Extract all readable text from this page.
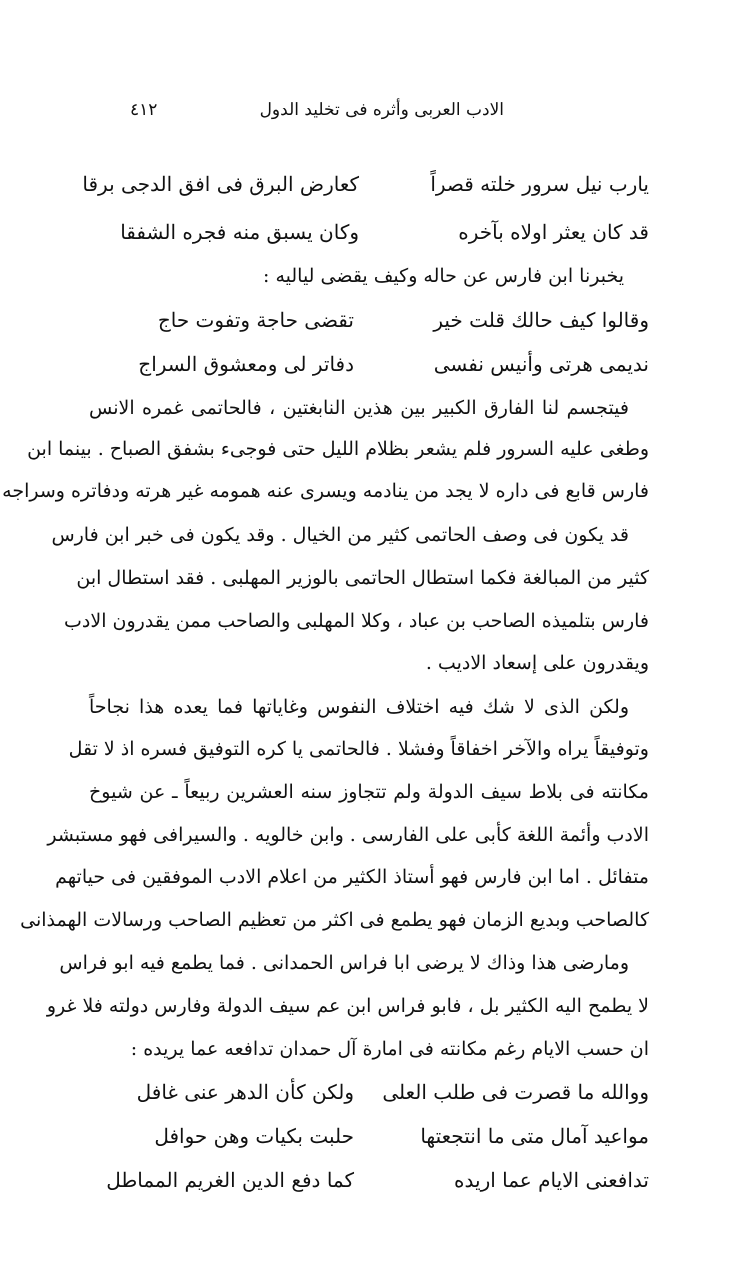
الادب العربى وأثره فى تخليد الدول
٤١٢
يارب نيل سرور خلته قصراً
كعارض البرق فى افق الدجى برقا
قد كان يعثر اولاه بآخره
وكان يسبق منه فجره الشفقا
يخبرنا ابن فارس عن حاله وكيف يقضى لياليه :
وقالوا كيف حالك قلت خير
تقضى حاجة وتفوت حاج
نديمى هرتى وأنيس نفسى
دفاتر لى ومعشوق السراج
فيتجسم لنا الفارق الكبير بين هذين النابغتين ، فالحاتمى غمره الانس
وطغى عليه السرور فلم يشعر بظلام الليل حتى فوجىء بشفق الصباح . بينما ابن
فارس قابع فى داره لا يجد من ينادمه ويسرى عنه همومه غير هرته ودفاتره وسراجه
قد يكون فى وصف الحاتمى كثير من الخيال . وقد يكون فى خبر ابن فارس
كثير من المبالغة فكما استطال الحاتمى بالوزير المهلبى . فقد استطال ابن
فارس بتلميذه الصاحب بن عباد ، وكلا المهلبى والصاحب ممن يقدرون الادب
ويقدرون على إسعاد الاديب .
ولكن الذى لا شك فيه اختلاف النفوس وغاياتها فما يعده هذا نجاحاً
وتوفيقاً يراه والآخر اخفاقاً وفشلا . فالحاتمى يا كره التوفيق فسره اذ لا تقل
مكانته فى بلاط سيف الدولة ولم تتجاوز سنه العشرين ربيعاً ـ عن شيوخ
الادب وأئمة اللغة كأبى على الفارسى . وابن خالويه . والسيرافى فهو مستبشر
متفائل . اما ابن فارس فهو أستاذ الكثير من اعلام الادب الموفقين فى حياتهم
كالصاحب وبديع الزمان فهو يطمع فى اكثر من تعظيم الصاحب ورسالات الهمذانى
ومارضى هذا وذاك لا يرضى ابا فراس الحمدانى . فما يطمع فيه ابو فراس
لا يطمح اليه الكثير بل ، فابو فراس ابن عم سيف الدولة وفارس دولته فلا غرو
ان حسب الايام رغم مكانته فى امارة آل حمدان تدافعه عما يريده :
ووالله ما قصرت فى طلب العلى
ولكن كأن الدهر عنى غافل
مواعيد آمال متى ما انتجعتها
حلبت بكيات وهن حوافل
تدافعنى الايام عما اريده
كما دفع الدين الغريم المماطل
